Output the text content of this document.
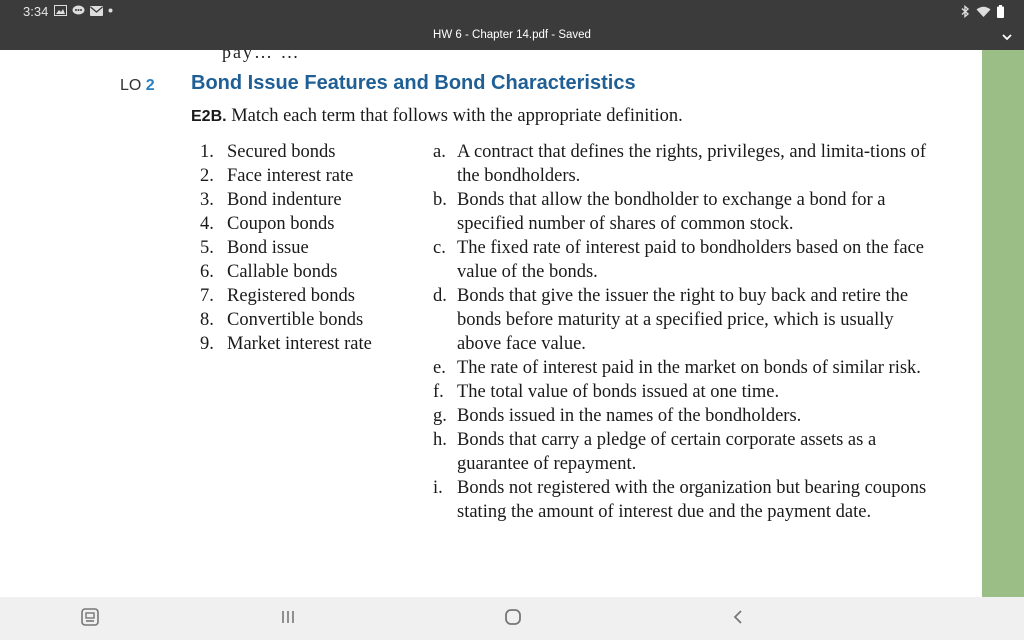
3:34
HW 6 - Chapter 14.pdf - Saved
pay… …
LO 2 Bond Issue Features and Bond Characteristics
E2B. Match each term that follows with the appropriate definition.
1. Secured bonds
2. Face interest rate
3. Bond indenture
4. Coupon bonds
5. Bond issue
6. Callable bonds
7. Registered bonds
8. Convertible bonds
9. Market interest rate
a. A contract that defines the rights, privileges, and limita-tions of the bondholders.
b. Bonds that allow the bondholder to exchange a bond for a specified number of shares of common stock.
c. The fixed rate of interest paid to bondholders based on the face value of the bonds.
d. Bonds that give the issuer the right to buy back and retire the bonds before maturity at a specified price, which is usually above face value.
e. The rate of interest paid in the market on bonds of similar risk.
f. The total value of bonds issued at one time.
g. Bonds issued in the names of the bondholders.
h. Bonds that carry a pledge of certain corporate assets as a guarantee of repayment.
i. Bonds not registered with the organization but bearing coupons stating the amount of interest due and the payment date.
